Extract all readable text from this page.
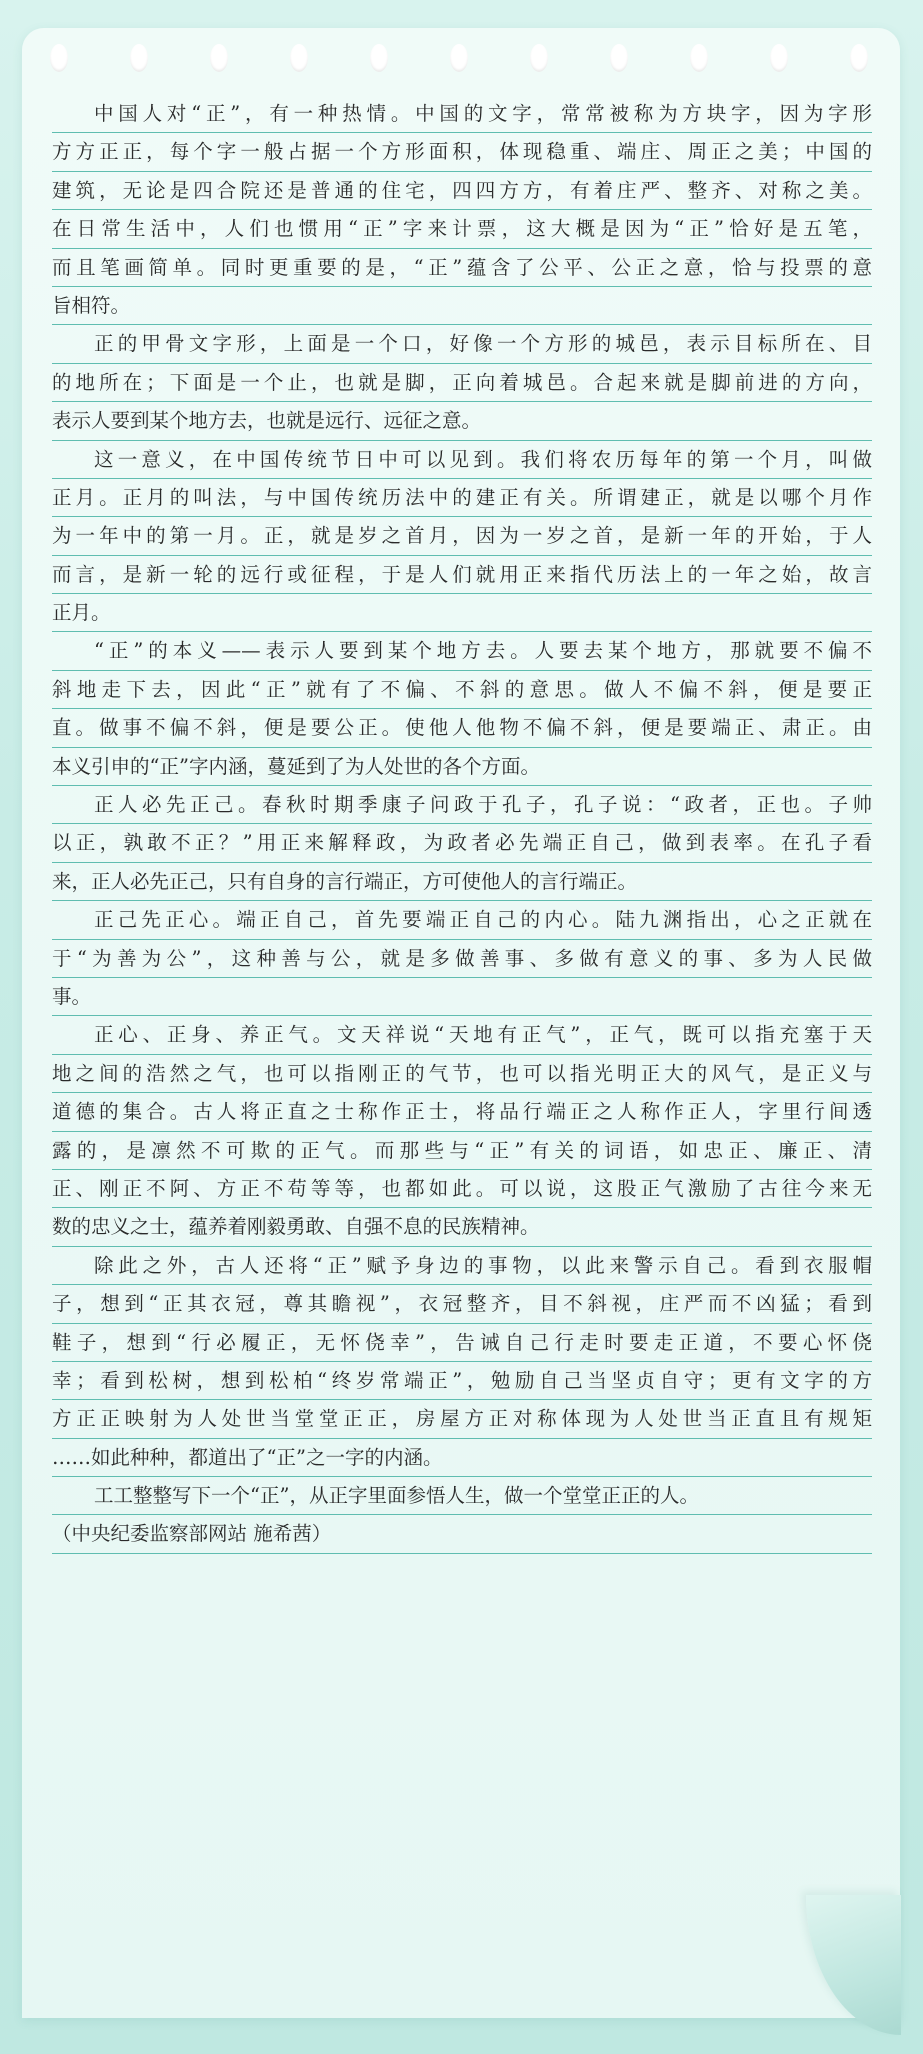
中国人对“正”，有一种热情。中国的文字，常常被称为方块字，因为字形
方方正正，每个字一般占据一个方形面积，体现稳重、端庄、周正之美；中国的
建筑，无论是四合院还是普通的住宅，四四方方，有着庄严、整齐、对称之美。
在日常生活中，人们也惯用“正”字来计票，这大概是因为“正”恰好是五笔，
而且笔画简单。同时更重要的是，“正”蕴含了公平、公正之意，恰与投票的意
旨相符。
正的甲骨文字形，上面是一个口，好像一个方形的城邑，表示目标所在、目
的地所在；下面是一个止，也就是脚，正向着城邑。合起来就是脚前进的方向，
表示人要到某个地方去，也就是远行、远征之意。
这一意义，在中国传统节日中可以见到。我们将农历每年的第一个月，叫做
正月。正月的叫法，与中国传统历法中的建正有关。所谓建正，就是以哪个月作
为一年中的第一月。正，就是岁之首月，因为一岁之首，是新一年的开始，于人
而言，是新一轮的远行或征程，于是人们就用正来指代历法上的一年之始，故言
正月。
“正”的本义——表示人要到某个地方去。人要去某个地方，那就要不偏不
斜地走下去，因此“正”就有了不偏、不斜的意思。做人不偏不斜，便是要正
直。做事不偏不斜，便是要公正。使他人他物不偏不斜，便是要端正、肃正。由
本义引申的“正”字内涵，蔓延到了为人处世的各个方面。
正人必先正己。春秋时期季康子问政于孔子，孔子说：“政者，正也。子帅
以正，孰敢不正？”用正来解释政，为政者必先端正自己，做到表率。在孔子看
来，正人必先正己，只有自身的言行端正，方可使他人的言行端正。
正己先正心。端正自己，首先要端正自己的内心。陆九渊指出，心之正就在
于“为善为公”，这种善与公，就是多做善事、多做有意义的事、多为人民做
事。
正心、正身、养正气。文天祥说“天地有正气”，正气，既可以指充塞于天
地之间的浩然之气，也可以指刚正的气节，也可以指光明正大的风气，是正义与
道德的集合。古人将正直之士称作正士，将品行端正之人称作正人，字里行间透
露的，是凛然不可欺的正气。而那些与“正”有关的词语，如忠正、廉正、清
正、刚正不阿、方正不苟等等，也都如此。可以说，这股正气激励了古往今来无
数的忠义之士，蕴养着刚毅勇敢、自强不息的民族精神。
除此之外，古人还将“正”赋予身边的事物，以此来警示自己。看到衣服帽
子，想到“正其衣冠，尊其瞻视”，衣冠整齐，目不斜视，庄严而不凶猛；看到
鞋子，想到“行必履正，无怀侥幸”，告诫自己行走时要走正道，不要心怀侥
幸；看到松树，想到松柏“终岁常端正”，勉励自己当坚贞自守；更有文字的方
方正正映射为人处世当堂堂正正，房屋方正对称体现为人处世当正直且有规矩
……如此种种，都道出了“正”之一字的内涵。
工工整整写下一个“正”，从正字里面参悟人生，做一个堂堂正正的人。
（中央纪委监察部网站 施希茜）
